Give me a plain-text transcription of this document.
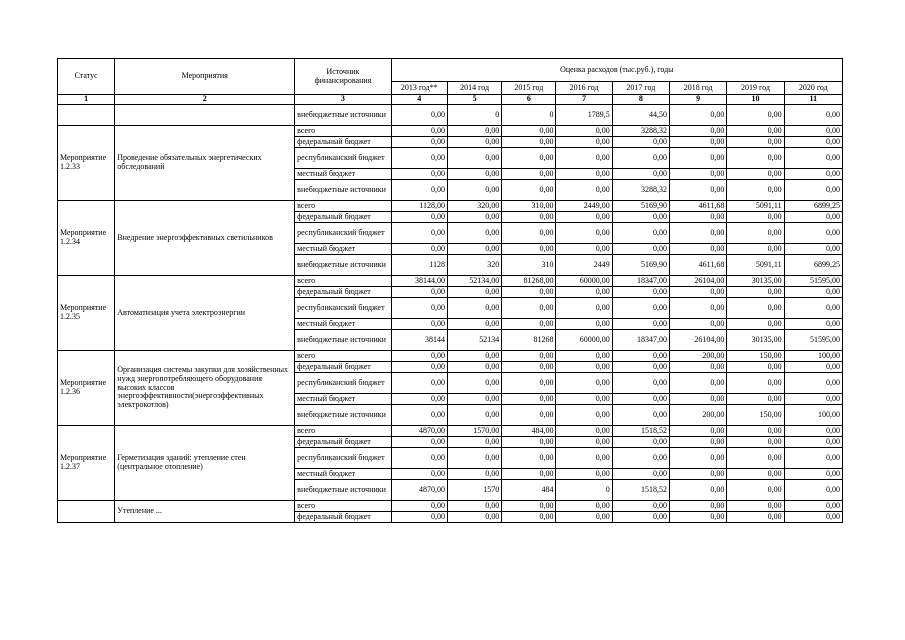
Статус	Мероприятия	Источник финансирования	Оценка расходов (тыс.руб.), годы							
			2013 год**	2014 год	2015 год	2016 год	2017 год	2018 год	2019 год	2020 год
1	2	3	4	5	6	7	8	9	10	11
		внебюджетные источники	0,00	0	0	1789,5	44,50	0,00	0,00	0,00
Мероприятие 1.2.33	Проведение обязательных энергетических обследований	всего	0,00	0,00	0,00	0,00	3288,32	0,00	0,00	0,00
		федеральный бюджет	0,00	0,00	0,00	0,00	0,00	0,00	0,00	0,00
		республиканский бюджет	0,00	0,00	0,00	0,00	0,00	0,00	0,00	0,00
		местный бюджет	0,00	0,00	0,00	0,00	0,00	0,00	0,00	0,00
		внебюджетные источники	0,00	0,00	0,00	0,00	3288,32	0,00	0,00	0,00
Мероприятие 1.2.34	Внедрение энергоэффективных светильников	всего	1128,00	320,00	310,00	2449,00	5169,90	4611,68	5091,11	6899,25
		федеральный бюджет	0,00	0,00	0,00	0,00	0,00	0,00	0,00	0,00
		республиканский бюджет	0,00	0,00	0,00	0,00	0,00	0,00	0,00	0,00
		местный бюджет	0,00	0,00	0,00	0,00	0,00	0,00	0,00	0,00
		внебюджетные источники	1128	320	310	2449	5169,90	4611,68	5091,11	6899,25
Мероприятие 1.2.35	Автоматизация учета электроэнергии	всего	38144,00	52134,00	81268,00	60000,00	18347,00	26104,00	30135,00	51595,00
		федеральный бюджет	0,00	0,00	0,00	0,00	0,00	0,00	0,00	0,00
		республиканский бюджет	0,00	0,00	0,00	0,00	0,00	0,00	0,00	0,00
		местный бюджет	0,00	0,00	0,00	0,00	0,00	0,00	0,00	0,00
		внебюджетные источники	38144	52134	81268	60000,00	18347,00	26104,00	30135,00	51595,00
Мероприятие 1.2.36	Организация системы закупки для хозяйственных нужд энергопотребляющего оборудования высоких классов энергоэффективности(энергоэффективных электрокотлов)	всего	0,00	0,00	0,00	0,00	0,00	200,00	150,00	100,00
		федеральный бюджет	0,00	0,00	0,00	0,00	0,00	0,00	0,00	0,00
		республиканский бюджет	0,00	0,00	0,00	0,00	0,00	0,00	0,00	0,00
		местный бюджет	0,00	0,00	0,00	0,00	0,00	0,00	0,00	0,00
		внебюджетные источники	0,00	0,00	0,00	0,00	0,00	200,00	150,00	100,00
Мероприятие 1.2.37	Герметизация зданий: утепление стен (центральное отопление)	всего	4870,00	1570,00	484,00	0,00	1518,52	0,00	0,00	0,00
		федеральный бюджет	0,00	0,00	0,00	0,00	0,00	0,00	0,00	0,00
		республиканский бюджет	0,00	0,00	0,00	0,00	0,00	0,00	0,00	0,00
		местный бюджет	0,00	0,00	0,00	0,00	0,00	0,00	0,00	0,00
		внебюджетные источники	4870,00	1570	484	0	1518,52	0,00	0,00	0,00
	Утепление ...	всего	0,00	0,00	0,00	0,00	0,00	0,00	0,00	0,00
		федеральный бюджет	0,00	0,00	0,00	0,00	0,00	0,00	0,00	0,00
